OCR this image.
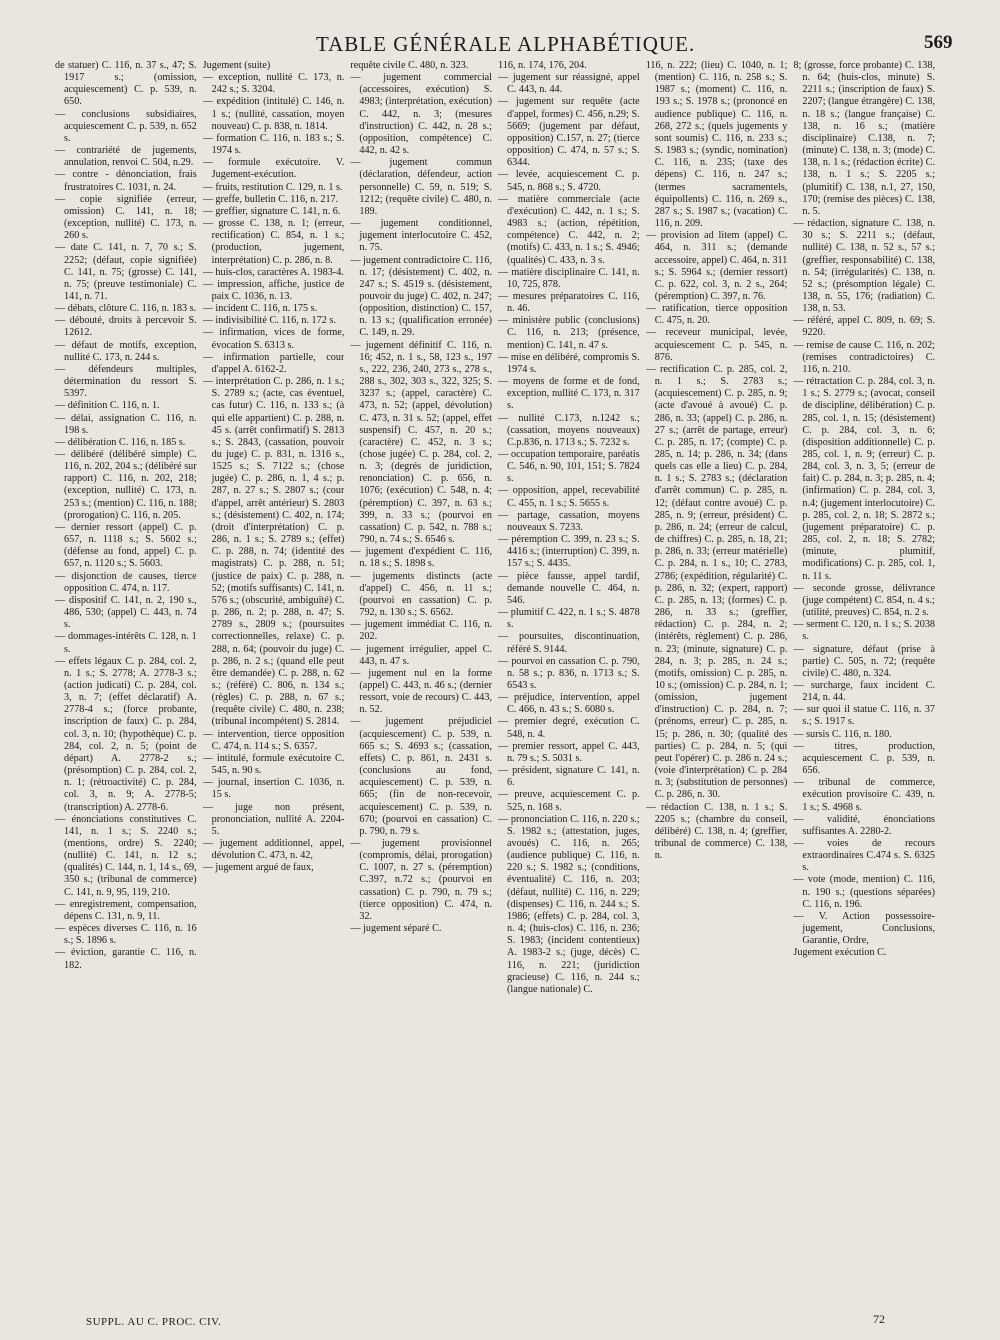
TABLE GÉNÉRALE ALPHABÉTIQUE.	569
de statuer) C. 116, n. 37 s., 47; S. 1917 s.; (omission, acquiescement) C. p. 539, n. 650.
— conclusions subsidiaires, acquiescement C. p. 539, n. 652 s.
— contrariété de jugements, annulation, renvoi C. 504, n.29.
— contre - dénonciation, frais frustratoires C. 1031, n. 24.
— copie signifiée (erreur, omission) C. 141, n. 18; (exception, nullité) C. 173, n. 260 s.
— date C. 141, n. 7, 70 s.; S. 2252; (défaut, copie signifiée) C. 141, n. 75; (grosse) C. 141, n. 75; (preuve testimoniale) C. 141, n. 71.
— débats, clôture C. 116, n. 183 s.
— débouté, droits à percevoir S. 12612.
— défaut de motifs, exception, nullité C. 173, n. 244 s.
— défendeurs multiples, détermination du ressort S. 5397.
— définition C. 116, n. 1.
— délai, assignation C. 116, n. 198 s.
— délibération C. 116, n. 185 s.
— délibéré (délibéré simple) C. 116, n. 202, 204 s.; (délibéré sur rapport) C. 116, n. 202, 218; (exception, nullité) C. 173, n. 253 s.; (mention) C. 116, n. 188; (prorogation) C. 116, n. 205.
— dernier ressort (appel) C. p. 657, n. 1118 s.; S. 5602 s.; (défense au fond, appel) C. p. 657, n. 1120 s.; S. 5603.
— disjonction de causes, tierce opposition C. 474, n. 117.
— dispositif C. 141, n. 2, 190 s., 486, 530; (appel) C. 443, n. 74 s.
— dommages-intérêts C. 128, n. 1 s.
— effets légaux C. p. 284, col. 2, n. 1 s.; S. 2778; A. 2778-3 s.; (action judicati) C. p. 284, col. 3, n. 7; (effet déclaratif) A. 2778-4 s.; (force probante, inscription de faux) C. p. 284, col. 3, n. 10; (hypothèque) C. p. 284, col. 2, n. 5; (point de départ) A. 2778-2 s.; (présomption) C. p. 284, col. 2, n. 1; (rétroactivité) C. p. 284, col. 3, n. 9; A. 2778-5; (transcription) A. 2778-6.
— énonciations constitutives C. 141, n. 1 s.; S. 2240 s.; (mentions, ordre) S. 2240; (nullité) C. 141, n. 12 s.; (qualités) C. 144, n. 1, 14 s., 69, 350 s.; (tribunal de commerce) C. 141, n. 9, 95, 119, 210.
— enregistrement, compensation, dépens C. 131, n. 9, 11.
— espèces diverses C. 116, n. 16 s.; S. 1896 s.
— éviction, garantie C. 116, n. 182.
Jugement (suite)
— exception, nullité C. 173, n. 242 s.; S. 3204.
— expédition (intitulé) C. 146, n. 1 s.; (nullité, cassation, moyen nouveau) C. p. 838, n. 1814.
— formation C. 116, n. 183 s.; S. 1974 s.
— formule exécutoire. V. Jugement-exécution.
— fruits, restitution C. 129, n. 1 s.
— greffe, bulletin C. 116, n. 217.
— greffier, signature C. 141, n. 6.
— grosse C. 138, n. 1; (erreur, rectification) C. 854, n. 1 s.; (production, jugement, interprétation) C. p. 286, n. 8.
— huis-clos, caractères A. 1983-4.
— impression, affiche, justice de paix C. 1036, n. 13.
— incident C. 116, n. 175 s.
— indivisibilité C. 116, n. 172 s.
— infirmation, vices de forme, évocation S. 6313 s.
— infirmation partielle, cour d'appel A. 6162-2.
— interprétation C. p. 286, n. 1 s.; S. 2789 s.; (acte, cas éventuel, cas futur) C. 116, n. 133 s.; (à qui elle appartient) C. p. 288, n. 45 s. (arrêt confirmatif) S. 2813 s.; S. 2843, (cassation, pouvoir du juge) C. p. 831, n. 1316 s., 1525 s.; S. 7122 s.; (chose jugée) C. p. 286, n. 1, 4 s.; p. 287, n. 27 s.; S. 2807 s.; (cour d'appel, arrêt antérieur) S. 2803 s.; (désistement) C. 402, n. 174; (droit d'interprétation) C. p. 286, n. 1 s.; S. 2789 s.; (effet) C. p. 288, n. 74; (identité des magistrats) C. p. 288, n. 51; (justice de paix) C. p. 288, n. 52; (motifs suffisants) C. 141, n. 576 s.; (obscurité, ambiguïté) C. p. 286, n. 2; p. 288, n. 47; S. 2789 s., 2809 s.; (poursuites correctionnelles, relaxe) C. p. 288, n. 64; (pouvoir du juge) C. p. 286, n. 2 s.; (quand elle peut être demandée) C. p. 288, n. 62 s.; (référé) C. 806, n. 134 s.; (règles) C. p. 288, n. 67 s.; (requête civile) C. 480, n. 238; (tribunal incompétent) S. 2814.
— intervention, tierce opposition C. 474, n. 114 s.; S. 6357.
— intitulé, formule exécutoire C. 545, n. 90 s.
— journal, insertion C. 1036, n. 15 s.
— juge non présent, prononciation, nullité A. 2204-5.
— jugement additionnel, appel, dévolution C. 473, n. 42,
— jugement argué de faux,
requête civile C. 480, n. 323.
— jugement commercial (accessoires, exécution) S. 4983; (interprétation, exécution) C. 442, n. 3; (mesures d'instruction) C. 442, n. 28 s.; (opposition, compétence) C. 442, n. 42 s.
— jugement commun (déclaration, défendeur, action personnelle) C. 59, n. 519; S. 1212; (requête civile) C. 480, n. 189.
— jugement conditionnel, jugement interlocutoire C. 452, n. 75.
— jugement contradictoire C. 116, n. 17; (désistement) C. 402, n. 247 s.; S. 4519 s. (désistement, pouvoir du juge) C. 402, n. 247; (opposition, distinction) C. 157, n. 13 s.; (qualification erronée) C. 149, n. 29.
— jugement définitif C. 116, n. 16; 452, n. 1 s., 58, 123 s., 197 s., 222, 236, 240, 273 s., 278 s., 288 s., 302, 303 s., 322, 325; S. 3237 s.; (appel, caractère) C. 473, n. 52; (appel, dévolution) C. 473, n. 31 s. 52; (appel, effet suspensif) C. 457, n. 20 s.; (caractère) C. 452, n. 3 s.; (chose jugée) C. p. 284, col. 2, n. 3; (degrés de juridiction, renonciation) C. p. 656, n. 1076; (exécution) C. 548, n. 4; (péremption) C. 397, n. 63 s.; 399, n. 33 s.; (pourvoi en cassation) C. p. 542, n. 788 s.; 790, n. 74 s.; S. 6546 s.
— jugement d'expédient C. 116, n. 18 s.; S. 1898 s.
— jugements distincts (acte d'appel) C. 456, n. 11 s.; (pourvoi en cassation) C. p. 792, n. 130 s.; S. 6562.
— jugement immédiat C. 116, n. 202.
— jugement irrégulier, appel C. 443, n. 47 s.
— jugement nul en la forme (appel) C. 443, n. 46 s.; (dernier ressort, voie de recours) C. 443, n. 52.
— jugement préjudiciel (acquiescement) C. p. 539, n. 665 s.; S. 4693 s.; (cassation, effets) C. p. 861, n. 2431 s. (conclusions au fond, acquiescement) C. p. 539, n. 665; (fin de non-recevoir, acquiescement) C. p. 539, n. 670; (pourvoi en cassation) C. p. 790, n. 79 s.
— jugement provisionnel (compromis, délai, prorogation) C. 1007, n. 27 s. (péremption) C.397, n.72 s.; (pourvoi en cassation) C. p. 790, n. 79 s.; (tierce opposition) C. 474, n. 32.
— jugement séparé C.
116, n. 174, 176, 204.
— jugement sur réassigné, appel C. 443, n. 44.
— jugement sur requête (acte d'appel, formes) C. 456, n.29; S. 5669; (jugement par défaut, opposition) C.157, n. 27; (tierce opposition) C. 474, n. 57 s.; S. 6344.
— levée, acquiescement C. p. 545, n. 868 s.; S. 4720.
— matière commerciale (acte d'exécution) C. 442, n. 1 s.; S. 4983 s.; (action, répétition, compétence) C. 442, n. 2; (motifs) C. 433, n. 1 s.; S. 4946; (qualités) C. 433, n. 3 s.
— matière disciplinaire C. 141, n. 10, 725, 878.
— mesures préparatoires C. 116, n. 46.
— ministère public (conclusions) C. 116, n. 213; (présence, mention) C. 141, n. 47 s.
— mise en délibéré, compromis S. 1974 s.
— moyens de forme et de fond, exception, nullité C. 173, n. 317 s.
— nullité C.173, n.1242 s.; (cassation, moyens nouveaux) C.p.836, n. 1713 s.; S. 7232 s.
— occupation temporaire, paréatis C. 546, n. 90, 101, 151; S. 7824 s.
— opposition, appel, recevabilité C. 455, n. 1 s.; S. 5655 s.
— partage, cassation, moyens nouveaux S. 7233.
— péremption C. 399, n. 23 s.; S. 4416 s.; (interruption) C. 399, n. 157 s.; S. 4435.
— pièce fausse, appel tardif, demande nouvelle C. 464, n. 546.
— plumitif C. 422, n. 1 s.; S. 4878 s.
— poursuites, discontinuation, référé S. 9144.
— pourvoi en cassation C. p. 790, n. 58 s.; p. 836, n. 1713 s.; S. 6543 s.
— préjudice, intervention, appel C. 466, n. 43 s.; S. 6080 s.
— premier degré, exécution C. 548, n. 4.
— premier ressort, appel C. 443, n. 79 s.; S. 5031 s.
— président, signature C. 141, n. 6.
— preuve, acquiescement C. p. 525, n. 168 s.
— prononciation C. 116, n. 220 s.; S. 1982 s.; (attestation, juges, avoués) C. 116, n. 265; (audience publique) C. 116, n. 220 s.; S. 1982 s.; (conditions, éventualité) C. 116, n. 203; (défaut, nullité) C. 116, n. 229; (dispenses) C. 116, n. 244 s.; S. 1986; (effets) C. p. 284, col. 3, n. 4; (huis-clos) C. 116, n. 236; S. 1983; (incident contentieux) A. 1983-2 s.; (juge, décès) C. 116, n. 221; (juridiction gracieuse) C. 116, n. 244 s.; (langue nationale) C.
116, n. 222; (lieu) C. 1040, n. 1; (mention) C. 116, n. 258 s.; S. 1987 s.; (moment) C. 116, n. 193 s.; S. 1978 s.; (prononcé en audience publique) C. 116, n. 268, 272 s.; (quels jugements y sont soumis) C. 116, n. 233 s.; S. 1983 s.; (syndic, nomination) C. 116, n. 235; (taxe des dépens) C. 116, n. 247 s.; (termes sacramentels, équipollents) C. 116, n. 269 s., 287 s.; S. 1987 s.; (vacation) C. 116, n. 209.
— provision ad litem (appel) C. 464, n. 311 s.; (demande accessoire, appel) C. 464, n. 311 s.; S. 5964 s.; (dernier ressort) C. p. 622, col. 3, n. 2 s., 264; (péremption) C. 397, n. 76.
— ratification, tierce opposition C. 475, n. 20.
— receveur municipal, levée, acquiescement C. p. 545, n. 876.
— rectification C. p. 285, col. 2, n. 1 s.; S. 2783 s.; (acquiescement) C. p. 285, n. 9; (acte d'avoué à avoué) C. p. 286, n. 33; (appel) C. p. 286, n. 27 s.; (arrêt de partage, erreur) C. p. 285, n. 17; (compte) C. p. 285, n. 14; p. 286, n. 34; (dans quels cas elle a lieu) C. p. 284, n. 1 s.; S. 2783 s.; (déclaration d'arrêt commun) C. p. 285, n. 12; (défaut contre avoué) C. p. 285, n. 9; (erreur, président) C. p. 286, n. 24; (erreur de calcul, de chiffres) C. p. 285, n. 18, 21; p. 286, n. 33; (erreur matérielle) C. p. 284, n. 1 s., 10; C. 2783, 2786; (expédition, régularité) C. p. 286, n. 32; (expert, rapport) C. p. 285, n. 13; (formes) C. p. 286, n. 33 s.; (greffier, rédaction) C. p. 284, n. 2; (intérêts, règlement) C. p. 286, n. 23; (minute, signature) C. p. 284, n. 3; p. 285, n. 24 s.; (motifs, omission) C. p. 285, n. 10 s.; (omission) C. p. 284, n. 1; (omission, jugement d'instruction) C. p. 284, n. 7; (prénoms, erreur) C. p. 285, n. 15; p. 286, n. 30; (qualité des parties) C. p. 284, n. 5; (qui peut l'opérer) C. p. 286 n. 24 s.; (voie d'interprétation) C. p. 284 n. 3; (substitution de personnes) C. p. 286, n. 30.
— rédaction C. 138, n. 1 s.; S. 2205 s.; (chambre du conseil, délibéré) C. 138, n. 4; (greffier, tribunal de commerce) C. 138, n.
8; (grosse, force probante) C. 138, n. 64; (huis-clos, minute) S. 2211 s.; (inscription de faux) S. 2207; (langue étrangère) C. 138, n. 18 s.; (langue française) C. 138, n. 16 s.; (matière disciplinaire) C.138, n. 7; (minute) C. 138, n. 3; (mode) C. 138, n. 1 s.; (rédaction écrite) C. 138, n. 1 s.; S. 2205 s.; (plumitif) C. 138, n.1, 27, 150, 170; (remise des pièces) C. 138, n. 5.
— rédaction, signature C. 138, n. 30 s.; S. 2211 s.; (défaut, nullité) C. 138, n. 52 s., 57 s.; (greffier, responsabilité) C. 138, n. 54; (irrégularités) C. 138, n. 52 s.; (présomption légale) C. 138, n. 55, 176; (radiation) C. 138, n. 53.
— référé, appel C. 809, n. 69; S. 9220.
— remise de cause C. 116, n. 202; (remises contradictoires) C. 116, n. 210.
— rétractation C. p. 284, col. 3, n. 1 s.; S. 2779 s.; (avocat, conseil de discipline, délibération) C. p. 285, col. 1, n. 15; (désistement) C. p. 284, col. 3, n. 6; (disposition additionnelle) C. p. 285, col. 1, n. 9; (erreur) C. p. 284, col. 3, n. 3, 5; (erreur de fait) C. p. 284, n. 3; p. 285, n. 4; (infirmation) C. p. 284, col. 3, n.4; (jugement interlocutoire) C. p. 285, col. 2, n. 18; S. 2872 s.; (jugement préparatoire) C. p. 285, col. 2, n. 18; S. 2782; (minute, plumitif, modifications) C. p. 285, col. 1, n. 11 s.
— seconde grosse, délivrance (juge compétent) C. 854, n. 4 s.; (utilité, preuves) C. 854, n. 2 s.
— serment C. 120, n. 1 s.; S. 2038 s.
— signature, défaut (prise à partie) C. 505, n. 72; (requête civile) C. 480, n. 324.
— surcharge, faux incident C. 214, n. 44.
— sur quoi il statue C. 116, n. 37 s.; S. 1917 s.
— sursis C. 116, n. 180.
— titres, production, acquiescement C. p. 539, n. 656.
— tribunal de commerce, exécution provisoire C. 439, n. 1 s.; S. 4968 s.
— validité, énonciations suffisantes A. 2280-2.
— voies de recours extraordinaires C.474 s. S. 6325 s.
— vote (mode, mention) C. 116, n. 190 s.; (questions séparées) C. 116, n. 196.
— V. Action possessoire-jugement, Conclusions, Garantie, Ordre,
Jugement exécution C.
SUPPL. AU C. PROC. CIV.	72
